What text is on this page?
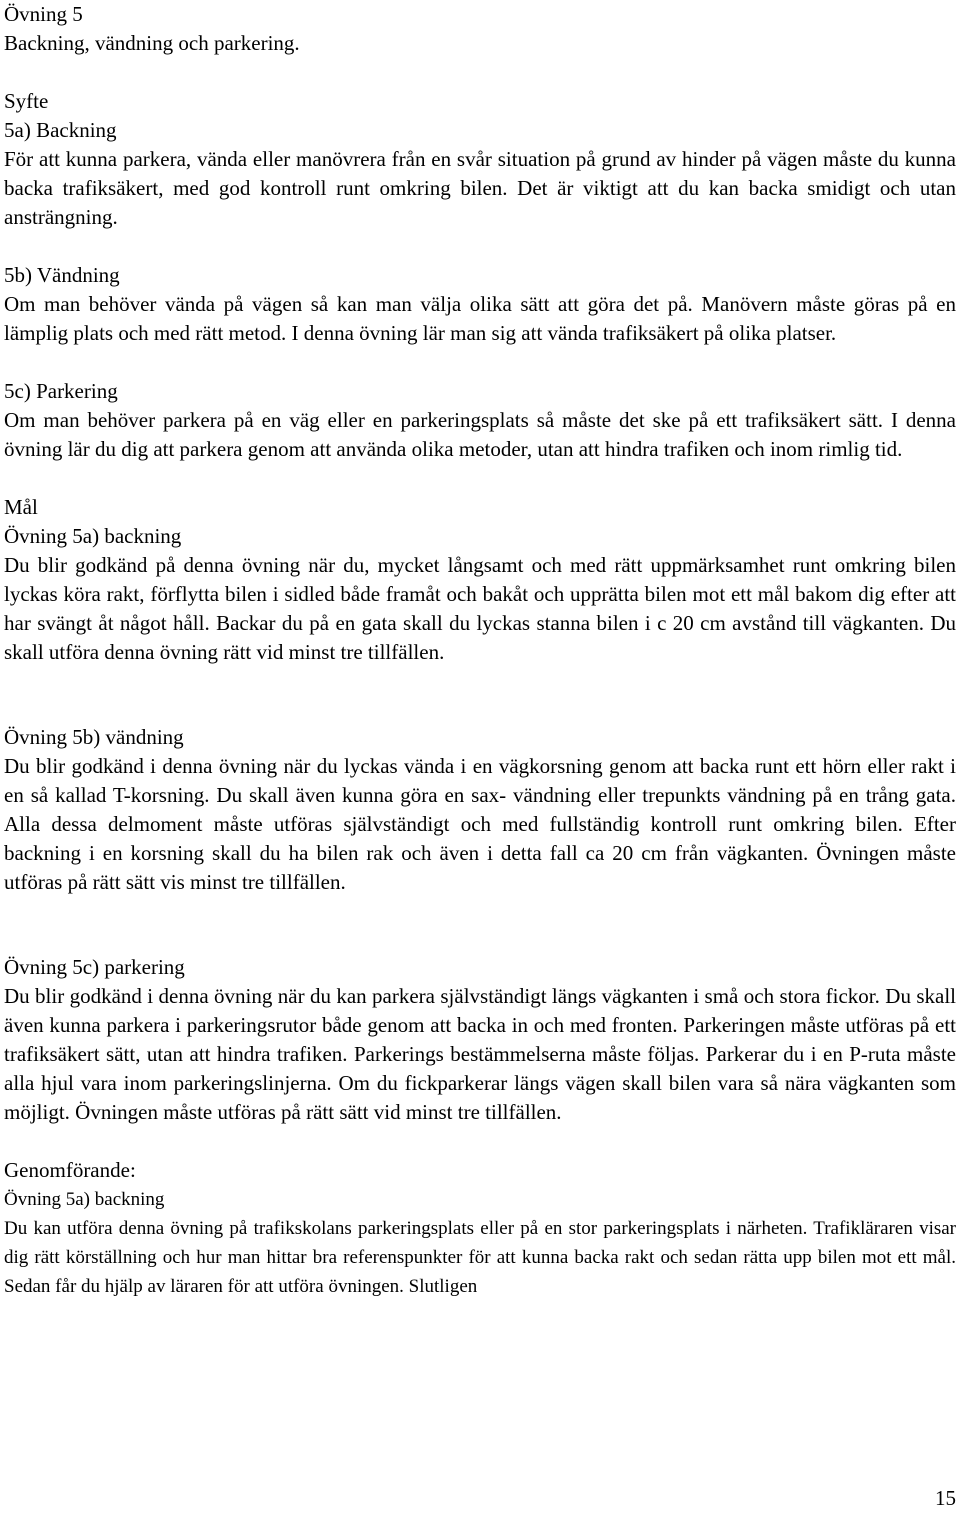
Övning 5
Backning, vändning och parkering.
Syfte
5a) Backning

För att kunna parkera, vända eller manövrera från en svår situation på grund av hinder på vägen måste du kunna backa trafiksäkert, med god kontroll runt omkring bilen. Det är viktigt att du kan backa smidigt och utan ansträngning.

5b) Vändning

Om man behöver vända på vägen så kan man välja olika sätt att göra det på. Manövern måste göras på en lämplig plats och med rätt metod. I denna övning lär man sig att vända trafiksäkert på olika platser.

5c) Parkering

Om man behöver parkera på en väg eller en parkeringsplats så måste det ske på ett trafiksäkert sätt. I denna övning lär du dig att parkera genom att använda olika metoder, utan att hindra trafiken och inom rimlig tid.

Mål
Övning 5a) backning

Du blir godkänd på denna övning när du, mycket långsamt och med rätt uppmärksamhet runt omkring bilen lyckas köra rakt, förflytta bilen i sidled både framåt och bakåt och upprätta bilen mot ett mål bakom dig efter att har svängt åt något håll. Backar du på en gata skall du lyckas stanna bilen i c 20 cm avstånd till vägkanten. Du skall utföra denna övning rätt vid minst tre tillfällen.

Övning 5b) vändning

Du blir godkänd i denna övning när du lyckas vända i en vägkorsning genom att backa runt ett hörn eller rakt i en så kallad T-korsning. Du skall även kunna göra en sax- vändning eller trepunkts vändning på en trång gata. Alla dessa delmoment måste utföras självständigt och med fullständig kontroll runt omkring bilen. Efter backning i en korsning skall du ha bilen rak och även i detta fall ca 20 cm från vägkanten. Övningen måste utföras på rätt sätt vis minst tre tillfällen.

Övning 5c) parkering

Du blir godkänd i denna övning när du kan parkera självständigt längs vägkanten i små och stora fickor. Du skall även kunna parkera i parkeringsrutor både genom att backa in och med fronten. Parkeringen måste utföras på ett trafiksäkert sätt, utan att hindra trafiken. Parkerings bestämmelserna måste följas. Parkerar du i en P-ruta måste alla hjul vara inom parkeringslinjerna. Om du fickparkerar längs vägen skall bilen vara så nära vägkanten som möjligt. Övningen måste utföras på rätt sätt vid minst tre tillfällen.

Genomförande:
Övning 5a) backning

Du kan utföra denna övning på trafikskolans parkeringsplats eller på en stor parkeringsplats i närheten. Trafikläraren visar dig rätt körställning och hur man hittar bra referenspunkter för att kunna backa rakt och sedan rätta upp bilen mot ett mål. Sedan får du hjälp av läraren för att utföra övningen. Slutligen

15
